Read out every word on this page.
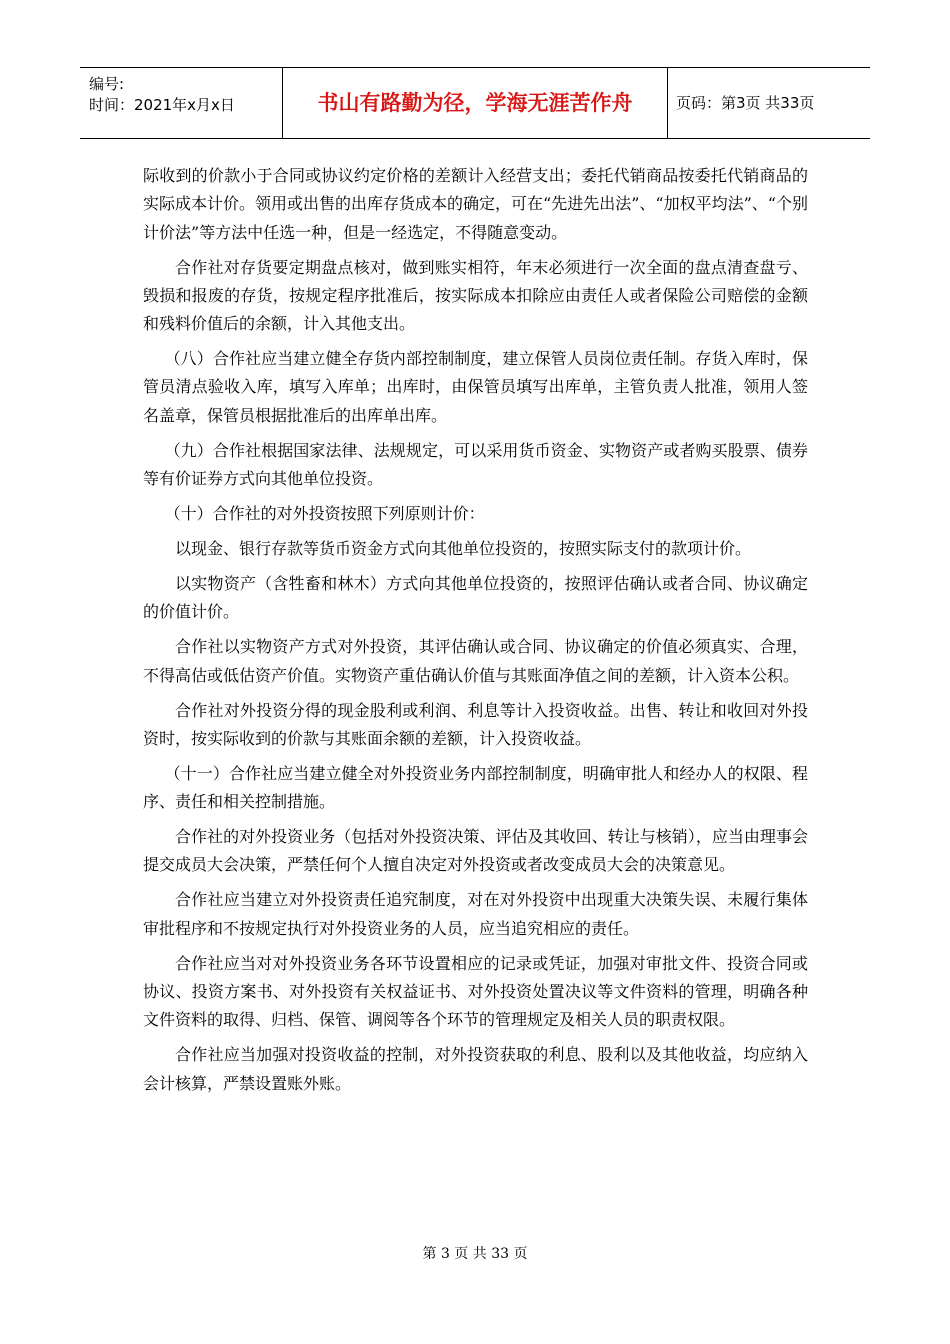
编号:
时间：2021年x月x日	书山有路勤为径，学海无涯苦作舟	页码：第3页 共33页

际收到的价款小于合同或协议约定价格的差额计入经营支出；委托代销商品按委托代销商品的实际成本计价。领用或出售的出库存货成本的确定，可在“先进先出法”、“加权平均法”、“个别计价法”等方法中任选一种，但是一经选定，不得随意变动。

合作社对存货要定期盘点核对，做到账实相符，年末必须进行一次全面的盘点清查盘亏、毁损和报废的存货，按规定程序批准后，按实际成本扣除应由责任人或者保险公司赔偿的金额和残料价值后的余额，计入其他支出。

（八）合作社应当建立健全存货内部控制制度，建立保管人员岗位责任制。存货入库时，保管员清点验收入库，填写入库单；出库时，由保管员填写出库单，主管负责人批准，领用人签名盖章，保管员根据批准后的出库单出库。

（九）合作社根据国家法律、法规规定，可以采用货币资金、实物资产或者购买股票、债券等有价证券方式向其他单位投资。

（十）合作社的对外投资按照下列原则计价：

以现金、银行存款等货币资金方式向其他单位投资的，按照实际支付的款项计价。

以实物资产（含牲畜和林木）方式向其他单位投资的，按照评估确认或者合同、协议确定的价值计价。

合作社以实物资产方式对外投资，其评估确认或合同、协议确定的价值必须真实、合理，不得高估或低估资产价值。实物资产重估确认价值与其账面净值之间的差额，计入资本公积。

合作社对外投资分得的现金股利或利润、利息等计入投资收益。出售、转让和收回对外投资时，按实际收到的价款与其账面余额的差额，计入投资收益。

（十一）合作社应当建立健全对外投资业务内部控制制度，明确审批人和经办人的权限、程序、责任和相关控制措施。

合作社的对外投资业务（包括对外投资决策、评估及其收回、转让与核销），应当由理事会提交成员大会决策，严禁任何个人擅自决定对外投资或者改变成员大会的决策意见。

合作社应当建立对外投资责任追究制度，对在对外投资中出现重大决策失误、未履行集体审批程序和不按规定执行对外投资业务的人员，应当追究相应的责任。

合作社应当对对外投资业务各环节设置相应的记录或凭证，加强对审批文件、投资合同或协议、投资方案书、对外投资有关权益证书、对外投资处置决议等文件资料的管理，明确各种文件资料的取得、归档、保管、调阅等各个环节的管理规定及相关人员的职责权限。

合作社应当加强对投资收益的控制，对外投资获取的利息、股利以及其他收益，均应纳入会计核算，严禁设置账外账。

第 3 页 共 33 页
